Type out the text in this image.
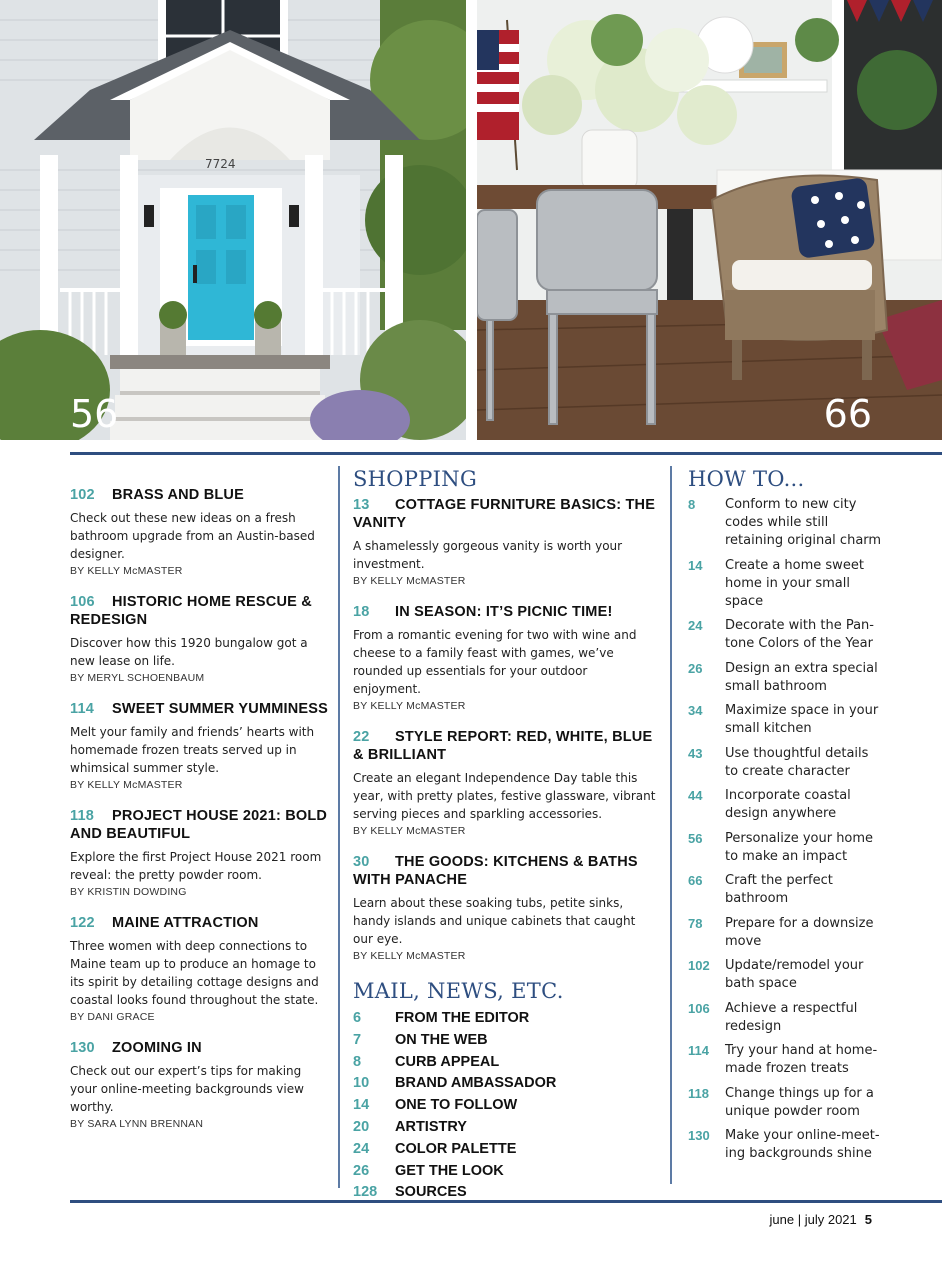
7724
56	66
102 BRASS AND BLUE
Check out these new ideas on a fresh bathroom upgrade from an Austin-based designer.
BY KELLY McMASTER
106 HISTORIC HOME RESCUE & REDESIGN
Discover how this 1920 bungalow got a new lease on life.
BY MERYL SCHOENBAUM
114 SWEET SUMMER YUMMINESS
Melt your family and friends’ hearts with homemade frozen treats served up in whimsical summer style.
BY KELLY McMASTER
118 PROJECT HOUSE 2021: BOLD AND BEAUTIFUL
Explore the first Project House 2021 room reveal: the pretty powder room.
BY KRISTIN DOWDING
122 MAINE ATTRACTION
Three women with deep connections to Maine team up to produce an homage to its spirit by detailing cottage designs and coastal looks found throughout the state.
BY DANI GRACE
130 ZOOMING IN
Check out our expert’s tips for making your online-meeting backgrounds view worthy.
BY SARA LYNN BRENNAN
SHOPPING
13 COTTAGE FURNITURE BASICS: THE VANITY
A shamelessly gorgeous vanity is worth your investment.
BY KELLY McMASTER
18 IN SEASON: IT’S PICNIC TIME!
From a romantic evening for two with wine and cheese to a family feast with games, we’ve rounded up essentials for your outdoor enjoyment.
BY KELLY McMASTER
22 STYLE REPORT: RED, WHITE, BLUE & BRILLIANT
Create an elegant Independence Day table this year, with pretty plates, festive glassware, vibrant serving pieces and sparkling accessories.
BY KELLY McMASTER
30 THE GOODS: KITCHENS & BATHS WITH PANACHE
Learn about these soaking tubs, petite sinks, handy islands and unique cabinets that caught our eye.
BY KELLY McMASTER
MAIL, NEWS, ETC.
6 FROM THE EDITOR
7 ON THE WEB
8 CURB APPEAL
10 BRAND AMBASSADOR
14 ONE TO FOLLOW
20 ARTISTRY
24 COLOR PALETTE
26 GET THE LOOK
128 SOURCES
HOW TO...
8	Conform to new city codes while still retaining original charm
14	Create a home sweet home in your small space
24	Decorate with the Pan-tone Colors of the Year
26	Design an extra special small bathroom
34	Maximize space in your small kitchen
43	Use thoughtful details to create character
44	Incorporate coastal design anywhere
56	Personalize your home to make an impact
66	Craft the perfect bathroom
78	Prepare for a downsize move
102	Update/remodel your bath space
106	Achieve a respectful redesign
114	Try your hand at home-made frozen treats
118	Change things up for a unique powder room
130	Make your online-meet-ing backgrounds shine
june | july 2021 5
